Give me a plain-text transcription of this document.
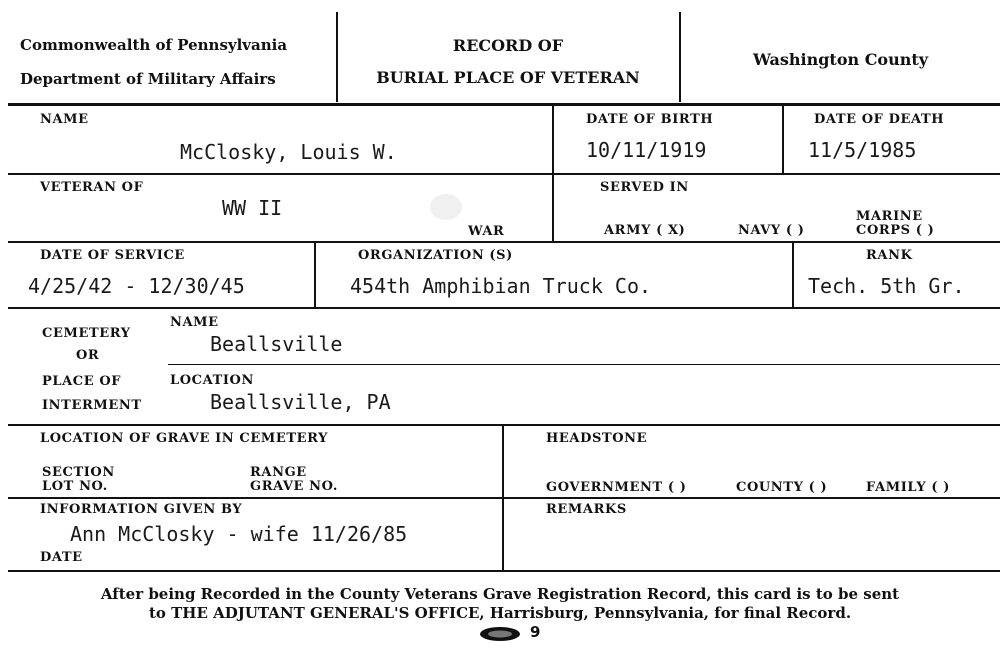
Commonwealth of Pennsylvania
Department of Military Affairs
RECORD OF
BURIAL PLACE OF VETERAN
Washington County
NAME
McClosky, Louis W.
DATE OF BIRTH
10/11/1919
DATE OF DEATH
11/5/1985
VETERAN OF
WW II
WAR
SERVED IN
ARMY ( X)	NAVY ( )
MARINE
CORPS ( )
DATE OF SERVICE
4/25/42 - 12/30/45
ORGANIZATION (S)
454th Amphibian Truck Co.
RANK
Tech. 5th Gr.
CEMETERY
OR
NAME
Beallsville
PLACE OF
INTERMENT
LOCATION
Beallsville, PA
LOCATION OF GRAVE IN CEMETERY	HEADSTONE
SECTION
LOT NO.
RANGE
GRAVE NO.	GOVERNMENT ( )	COUNTY ( )	FAMILY ( )
INFORMATION GIVEN BY
Ann McClosky - wife 11/26/85
DATE
REMARKS
After being Recorded in the County Veterans Grave Registration Record, this card is to be sent
to THE ADJUTANT GENERAL'S OFFICE, Harrisburg, Pennsylvania, for final Record.
9
